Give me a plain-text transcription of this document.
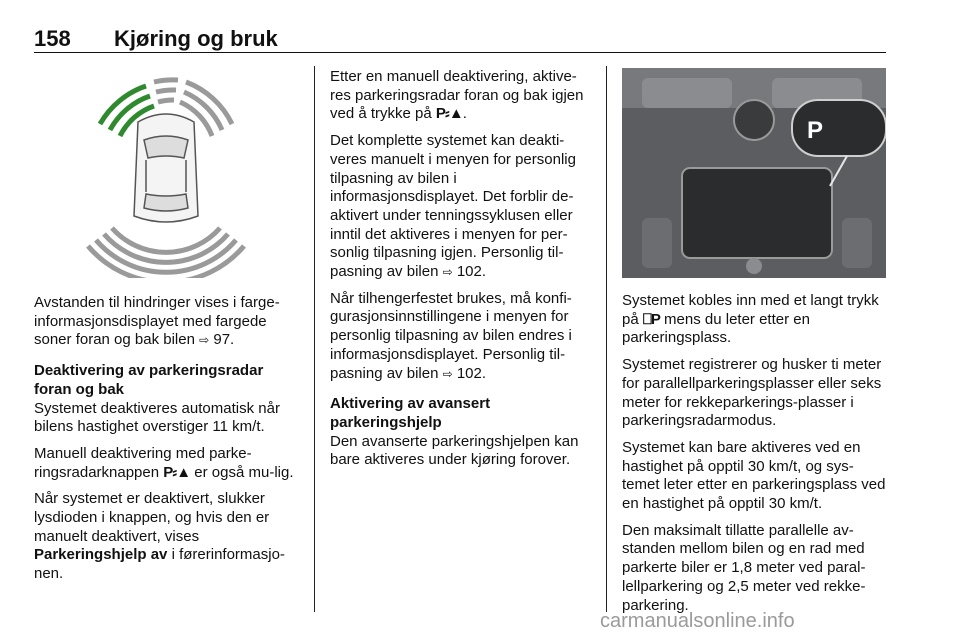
158 Kjøring og bruk

Avstanden til hindringer vises i farge-informasjonsdisplayet med fargede soner foran og bak bilen ⇨ 97.

Deaktivering av parkeringsradar
foran og bak

Systemet deaktiveres automatisk når bilens hastighet overstiger 11 km/t.

Manuell deaktivering med parke-ringsradarknappen P⸗▲ er også mu-lig.

Når systemet er deaktivert, slukker lysdioden i knappen, og hvis den er manuelt deaktivert, vises Parkeringshjelp av i førerinformasjo-nen.

Etter en manuell deaktivering, aktive-res parkeringsradar foran og bak igjen ved å trykke på P⸗▲.

Det komplette systemet kan deakti-veres manuelt i menyen for personlig tilpasning av bilen i informasjonsdisplayet. Det forblir de-aktivert under tenningssyklusen eller inntil det aktiveres i menyen for per-sonlig tilpasning igjen. Personlig til-pasning av bilen ⇨ 102.

Når tilhengerfestet brukes, må konfi-gurasjonsinnstillingene i menyen for personlig tilpasning av bilen endres i informasjonsdisplayet. Personlig til-pasning av bilen ⇨ 102.

Aktivering av avansert
parkeringshjelp

Den avanserte parkeringshjelpen kan bare aktiveres under kjøring forover.

P

Systemet kobles inn med et langt trykk på ⎕P mens du leter etter en parkeringsplass.

Systemet registrerer og husker ti meter for parallellparkeringsplasser eller seks meter for rekkeparkerings-plasser i parkeringsradarmodus.

Systemet kan bare aktiveres ved en hastighet på opptil 30 km/t, og sys-temet leter etter en parkeringsplass ved en hastighet på opptil 30 km/t.

Den maksimalt tillatte parallelle av-standen mellom bilen og en rad med parkerte biler er 1,8 meter ved paral-lellparkering og 2,5 meter ved rekke-parkering.

carmanualsonline.info
